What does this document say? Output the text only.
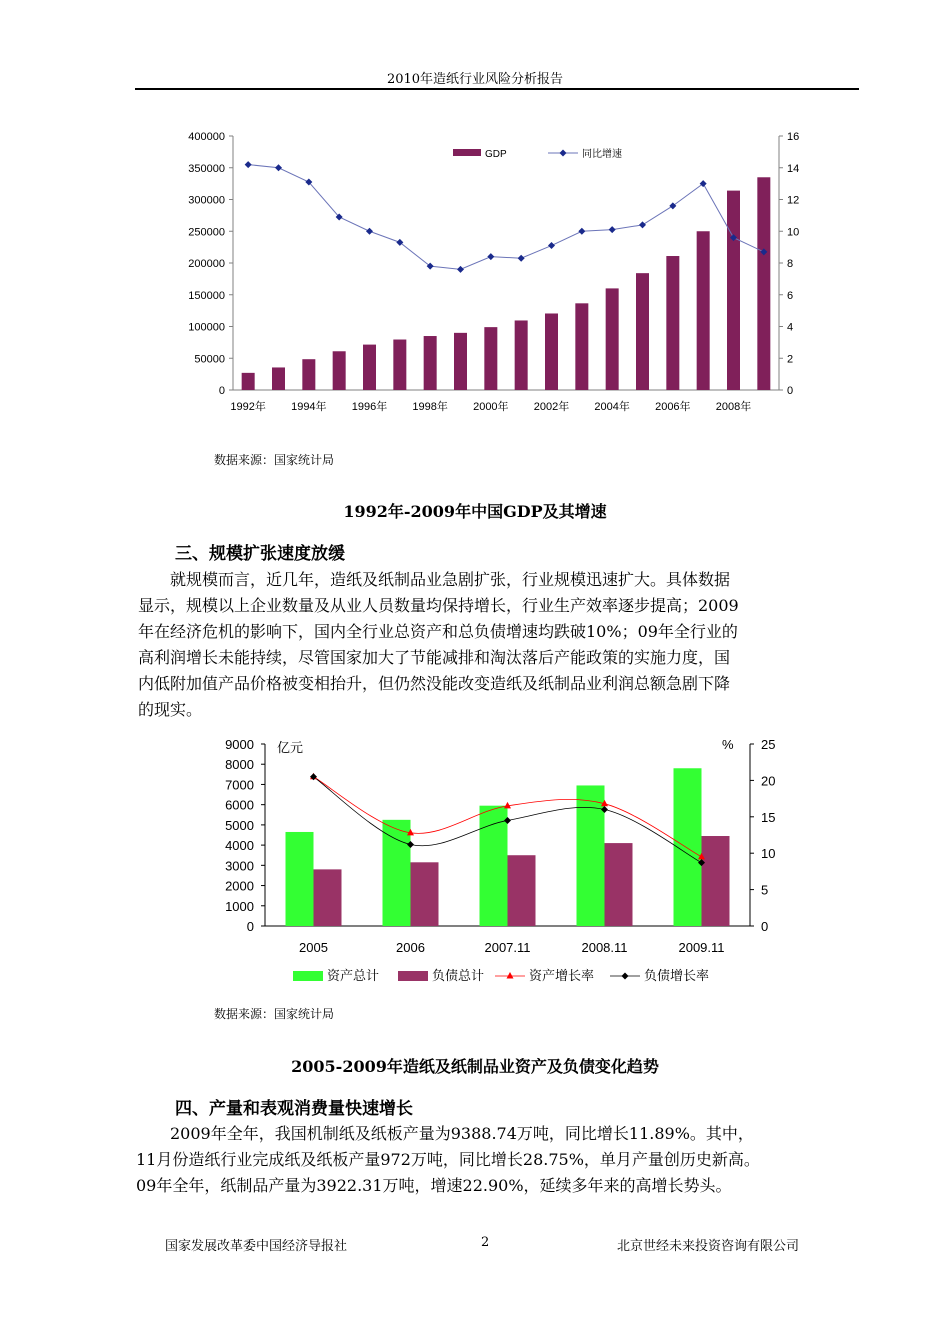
2010年造纸行业风险分析报告
0
50000
100000
150000
200000
250000
300000
350000
400000
0
2
4
6
8
10
12
14
16
1992年 1994年 1996年 1998年 2000年 2002年 2004年 2006年 2008年
GDP	同比增速
数据来源：国家统计局
1992年-2009年中国GDP及其增速
三、规模扩张速度放缓
就规模而言，近几年，造纸及纸制品业急剧扩张，行业规模迅速扩大。具体数据
显示，规模以上企业数量及从业人员数量均保持增长，行业生产效率逐步提高；2009
年在经济危机的影响下，国内全行业总资产和总负债增速均跌破10%；09年全行业的
高利润增长未能持续，尽管国家加大了节能减排和淘汰落后产能政策的实施力度，国
内低附加值产品价格被变相抬升，但仍然没能改变造纸及纸制品业利润总额急剧下降
的现实。
0
1000
2000
3000
4000
5000
6000
7000
8000
9000
0
5
10
15
20
25
亿元	%
2005	2006	2007.11	2008.11	2009.11
资产总计	负债总计	资产增长率	负债增长率
数据来源：国家统计局
2005-2009年造纸及纸制品业资产及负债变化趋势
四、产量和表观消费量快速增长
2009年全年，我国机制纸及纸板产量为9388.74万吨，同比增长11.89%。其中，
11月份造纸行业完成纸及纸板产量972万吨，同比增长28.75%，单月产量创历史新高。
09年全年，纸制品产量为3922.31万吨，增速22.90%，延续多年来的高增长势头。
国家发展改革委中国经济导报社	2	北京世经未来投资咨询有限公司
